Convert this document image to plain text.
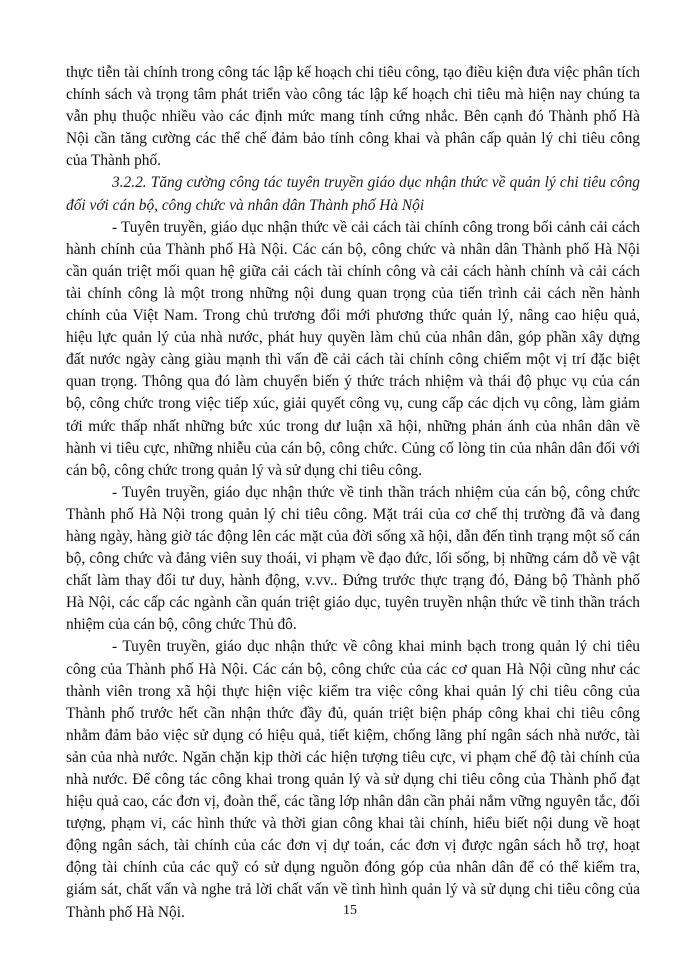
thực tiễn tài chính trong công tác lập kế hoạch chi tiêu công, tạo điều kiện đưa việc phân tích chính sách và trọng tâm phát triển vào công tác lập kế hoạch chi tiêu mà hiện nay chúng ta vẫn phụ thuộc nhiều vào các định mức mang tính cứng nhắc. Bên cạnh đó Thành phố Hà Nội cần tăng cường các thể chế đảm bảo tính công khai và phân cấp quản lý chi tiêu công của Thành phố.

3.2.2. Tăng cường công tác tuyên truyền giáo dục nhận thức về quản lý chi tiêu công đối với cán bộ, công chức và nhân dân Thành phố Hà Nội

- Tuyên truyền, giáo dục nhận thức về cải cách tài chính công trong bối cảnh cải cách hành chính của Thành phố Hà Nội. Các cán bộ, công chức và nhân dân Thành phố Hà Nội cần quán triệt mối quan hệ giữa cải cách tài chính công và cải cách hành chính và cải cách tài chính công là một trong những nội dung quan trọng của tiến trình cải cách nền hành chính của Việt Nam. Trong chủ trương đổi mới phương thức quản lý, nâng cao hiệu quả, hiệu lực quản lý của nhà nước, phát huy quyền làm chủ của nhân dân, góp phần xây dựng đất nước ngày càng giàu mạnh thì vấn đề cải cách tài chính công chiếm một vị trí đặc biệt quan trọng. Thông qua đó làm chuyển biến ý thức trách nhiệm và thái độ phục vụ của cán bộ, công chức trong việc tiếp xúc, giải quyết công vụ, cung cấp các dịch vụ công, làm giảm tới mức thấp nhất những bức xúc trong dư luận xã hội, những phản ánh của nhân dân về hành vi tiêu cực, những nhiễu của cán bộ, công chức. Củng cố lòng tin của nhân dân đối với cán bộ, công chức trong quản lý và sử dụng chi tiêu công.

- Tuyên truyền, giáo dục nhận thức về tinh thần trách nhiệm của cán bộ, công chức Thành phố Hà Nội trong quản lý chi tiêu công. Mặt trái của cơ chế thị trường đã và đang hàng ngày, hàng giờ tác động lên các mặt của đời sống xã hội, dẫn đến tình trạng một số cán bộ, công chức và đảng viên suy thoái, vi phạm về đạo đức, lối sống, bị những cám dỗ về vật chất làm thay đổi tư duy, hành động, v.vv.. Đứng trước thực trạng đó, Đảng bộ Thành phố Hà Nội, các cấp các ngành cần quán triệt giáo dục, tuyên truyền nhận thức về tinh thần trách nhiệm của cán bộ, công chức Thủ đô.

- Tuyên truyền, giáo dục nhận thức về công khai minh bạch trong quản lý chi tiêu công của Thành phố Hà Nội. Các cán bộ, công chức của các cơ quan Hà Nội cũng như các thành viên trong xã hội thực hiện việc kiểm tra việc công khai quản lý chi tiêu công của Thành phố trước hết cần nhận thức đầy đủ, quán triệt biện pháp công khai chi tiêu công nhằm đảm bảo việc sử dụng có hiệu quả, tiết kiệm, chống lãng phí ngân sách nhà nước, tài sản của nhà nước. Ngăn chặn kịp thời các hiện tượng tiêu cực, vi phạm chế độ tài chính của nhà nước. Để công tác công khai trong quản lý và sử dụng chi tiêu công của Thành phố đạt hiệu quả cao, các đơn vị, đoàn thể, các tầng lớp nhân dân cần phải nắm vững nguyên tắc, đối tượng, phạm vi, các hình thức và thời gian công khai tài chính, hiểu biết nội dung về hoạt động ngân sách, tài chính của các đơn vị dự toán, các đơn vị được ngân sách hỗ trợ, hoạt động tài chính của các quỹ có sử dụng nguồn đóng góp của nhân dân để có thể kiểm tra, giám sát, chất vấn và nghe trả lời chất vấn về tình hình quản lý và sử dụng chi tiêu công của Thành phố Hà Nội.	15
